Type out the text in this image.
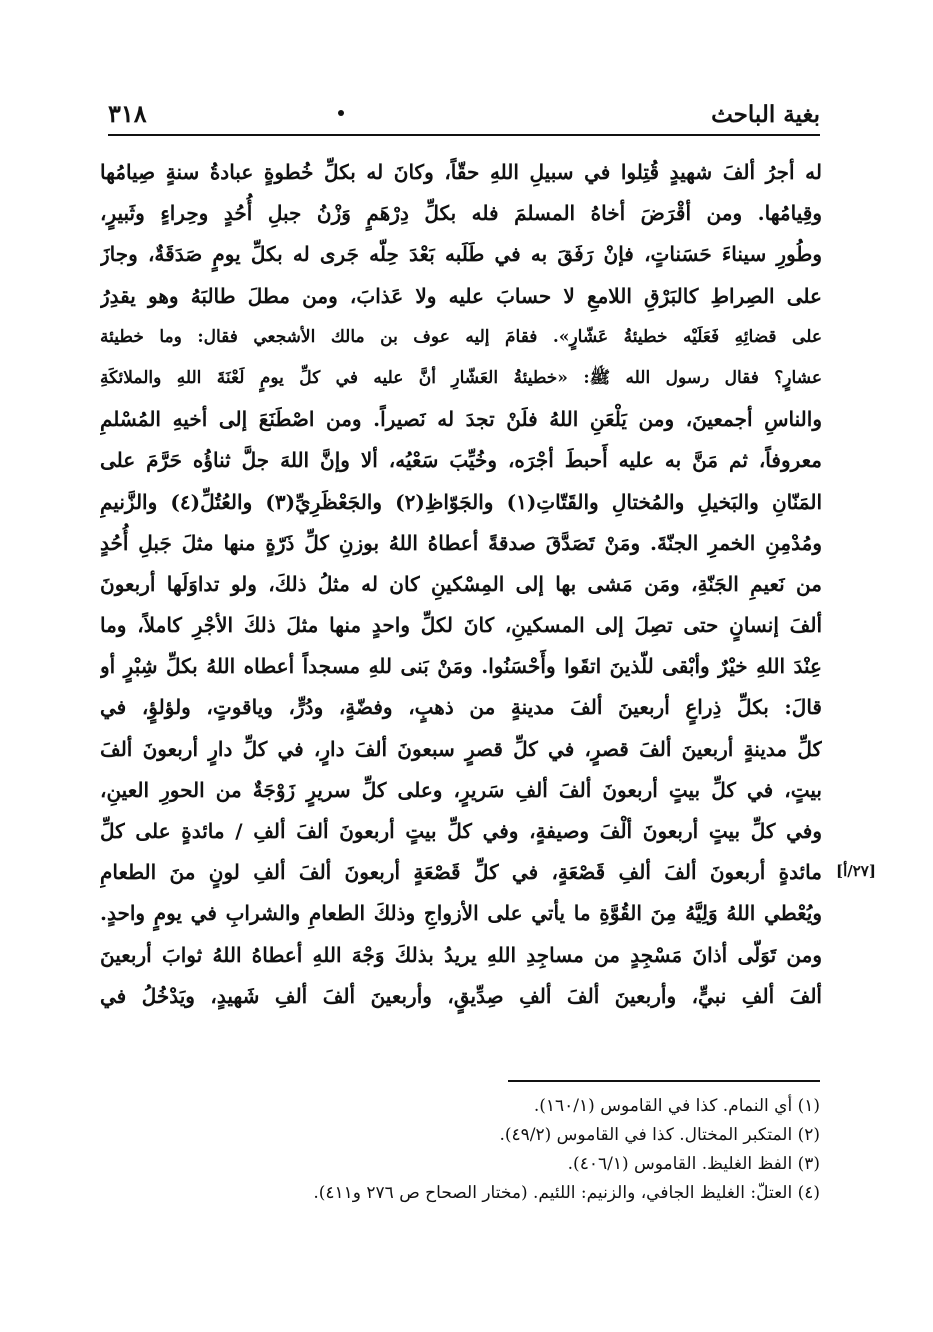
٣١٨	بغية الباحث
له أجرُ ألفَ شهيدٍ قُتِلوا في سبيلِ اللهِ حقّاً، وكانَ له بكلِّ خُطوةٍ عبادةُ سنةٍ صِيامُها
وقِيامُها. ومن أقْرَضَ أخاهُ المسلمَ فله بكلِّ دِرْهَمٍ وَزْنُ جبلِ أُحُدٍ وحِراءٍ وثَبيرٍ،
وطُورِ سيناءَ حَسَناتٍ، فإنْ رَفَقَ به في طَلَبه بَعْدَ حِلّه جَرى له بكلِّ يومٍ صَدَقَةٌ، وجازَ
على الصِراطِ كالبَرْقِ اللامعِ لا حسابَ عليه ولا عَذابَ، ومن مطلَ طالبَهُ وهو يقدِرُ
على قضائِهِ فَعَلَيْه خطيئةُ عَشّارٍ». فقامَ إليه عوف بن مالك الأشجعي فقال: وما خطيئة
عشارٍ؟ فقال رسول الله ﷺ: «خطيئةُ العَشّارِ أنَّ عليه في كلِّ يومٍ لَعْنَةَ اللهِ والملائكَةِ
والناسِ أجمعينَ، ومن يَلْعَنِ اللهُ فلَنْ تجدَ له نَصيراً. ومن اصْطَنَعَ إلى أخيهِ المُسْلمِ
معروفاً، ثم مَنَّ به عليه أَحبطَ أجْرَه، وخُيِّبَ سَعْيُه، ألا وإنَّ اللهَ جلَّ ثناؤُه حَرَّمَ على
المَنّانِ والبَخيلِ والمُختالِ والقَتّاتِ(١) والجَوّاظِ(٢) والجَعْظَرِيِّ(٣) والعُتُلِّ(٤) والزَّنيمِ
ومُدْمِنِ الخمرِ الجنّةَ. ومَنْ تَصَدَّقَ صدقةً أعطاهُ اللهُ بوزنِ كلِّ ذَرّةٍ منها مثلَ جَبلِ أُحُدٍ
من نَعيمِ الجَنّةِ، ومَن مَشى بها إلى المِسْكينِ كان له مثلُ ذلكَ، ولو تداوَلَها أربعونَ
ألفَ إنسانٍ حتى تصِلَ إلى المسكينِ، كانَ لكلِّ واحدٍ منها مثلَ ذلكَ الأجْرِ كاملاً، وما
عِنْدَ اللهِ خيْرٌ وأبْقى للّذينَ اتقَوا وأَحْسَنُوا. ومَنْ بَنى للهِ مسجداً أعطاه اللهُ بكلِّ شِبْرٍ أو
قالَ: بكلِّ ذِراعٍ أربعينَ ألفَ مدينةٍ من ذهبٍ، وفضّةٍ، ودُرٍّ، وياقوتٍ، ولؤلؤٍ، في
كلِّ مدينةٍ أربعينَ ألفَ قصرٍ، في كلِّ قصرٍ سبعونَ ألفَ دارٍ، في كلِّ دارٍ أربعونَ ألفَ
بيتٍ، في كلِّ بيتٍ أربعونَ ألفَ ألفِ سَريرٍ، وعلى كلِّ سريرٍ زَوْجَةٌ من الحورِ العينِ،
وفي كلِّ بيتٍ أربعونَ ألْفَ وصيفةٍ، وفي كلِّ بيتٍ أربعونَ ألفَ ألفِ / مائدةٍ على كلِّ
مائدةٍ أربعونَ ألفَ ألفِ قَصْعَةٍ، في كلِّ قَصْعَةٍ أربعونَ ألفَ ألفِ لونٍ منَ الطعامِ
ويُعْطي اللهُ وَلِيَّهُ مِنَ القُوَّةِ ما يأتي على الأزواجِ وذلكَ الطعامِ والشرابِ في يومٍ واحدٍ.
ومن تَوَلّى أذانَ مَسْجِدٍ من مساجِدِ اللهِ يريدُ بذلكَ وَجْهَ اللهِ أعطاهُ اللهُ ثوابَ أربعينَ
ألفَ ألفِ نبيٍّ، وأربعينَ ألفَ ألفِ صِدِّيقٍ، وأربعينَ ألفَ ألفِ شَهيدٍ، ويَدْخُلُ في
[٢٧/أ]
(١) أي النمام. كذا في القاموس (١٦٠/١).
(٢) المتكبر المختال. كذا في القاموس (٤٩/٢).
(٣) الفظ الغليظ. القاموس (٤٠٦/١).
(٤) العتلّ: الغليظ الجافي، والزنيم: اللئيم. (مختار الصحاح ص ٢٧٦ و٤١١).
